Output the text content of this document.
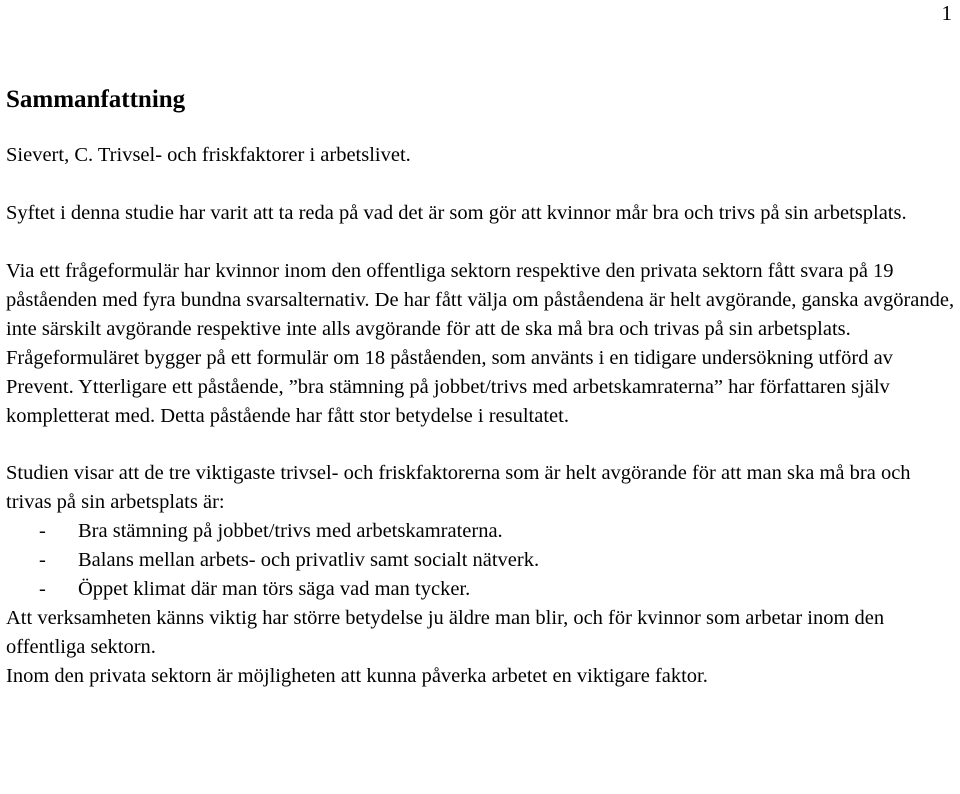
1
Sammanfattning

Sievert, C. Trivsel- och friskfaktorer i arbetslivet.

Syftet i denna studie har varit att ta reda på vad det är som gör att kvinnor mår bra och trivs på sin arbetsplats.

Via ett frågeformulär har kvinnor inom den offentliga sektorn respektive den privata sektorn fått svara på 19 påståenden med fyra bundna svarsalternativ. De har fått välja om påståendena är helt avgörande, ganska avgörande, inte särskilt avgörande respektive inte alls avgörande för att de ska må bra och trivas på sin arbetsplats.

Frågeformuläret bygger på ett formulär om 18 påståenden, som använts i en tidigare undersökning utförd av Prevent. Ytterligare ett påstående, ”bra stämning på jobbet/trivs med arbetskamraterna” har författaren själv kompletterat med. Detta påstående har fått stor betydelse i resultatet.

Studien visar att de tre viktigaste trivsel- och friskfaktorerna som är helt avgörande för att man ska må bra och trivas på sin arbetsplats är:

-	Bra stämning på jobbet/trivs med arbetskamraterna.
-	Balans mellan arbets- och privatliv samt socialt nätverk.
-	Öppet klimat där man törs säga vad man tycker.

Att verksamheten känns viktig har större betydelse ju äldre man blir, och för kvinnor som arbetar inom den offentliga sektorn.

Inom den privata sektorn är möjligheten att kunna påverka arbetet en viktigare faktor.
